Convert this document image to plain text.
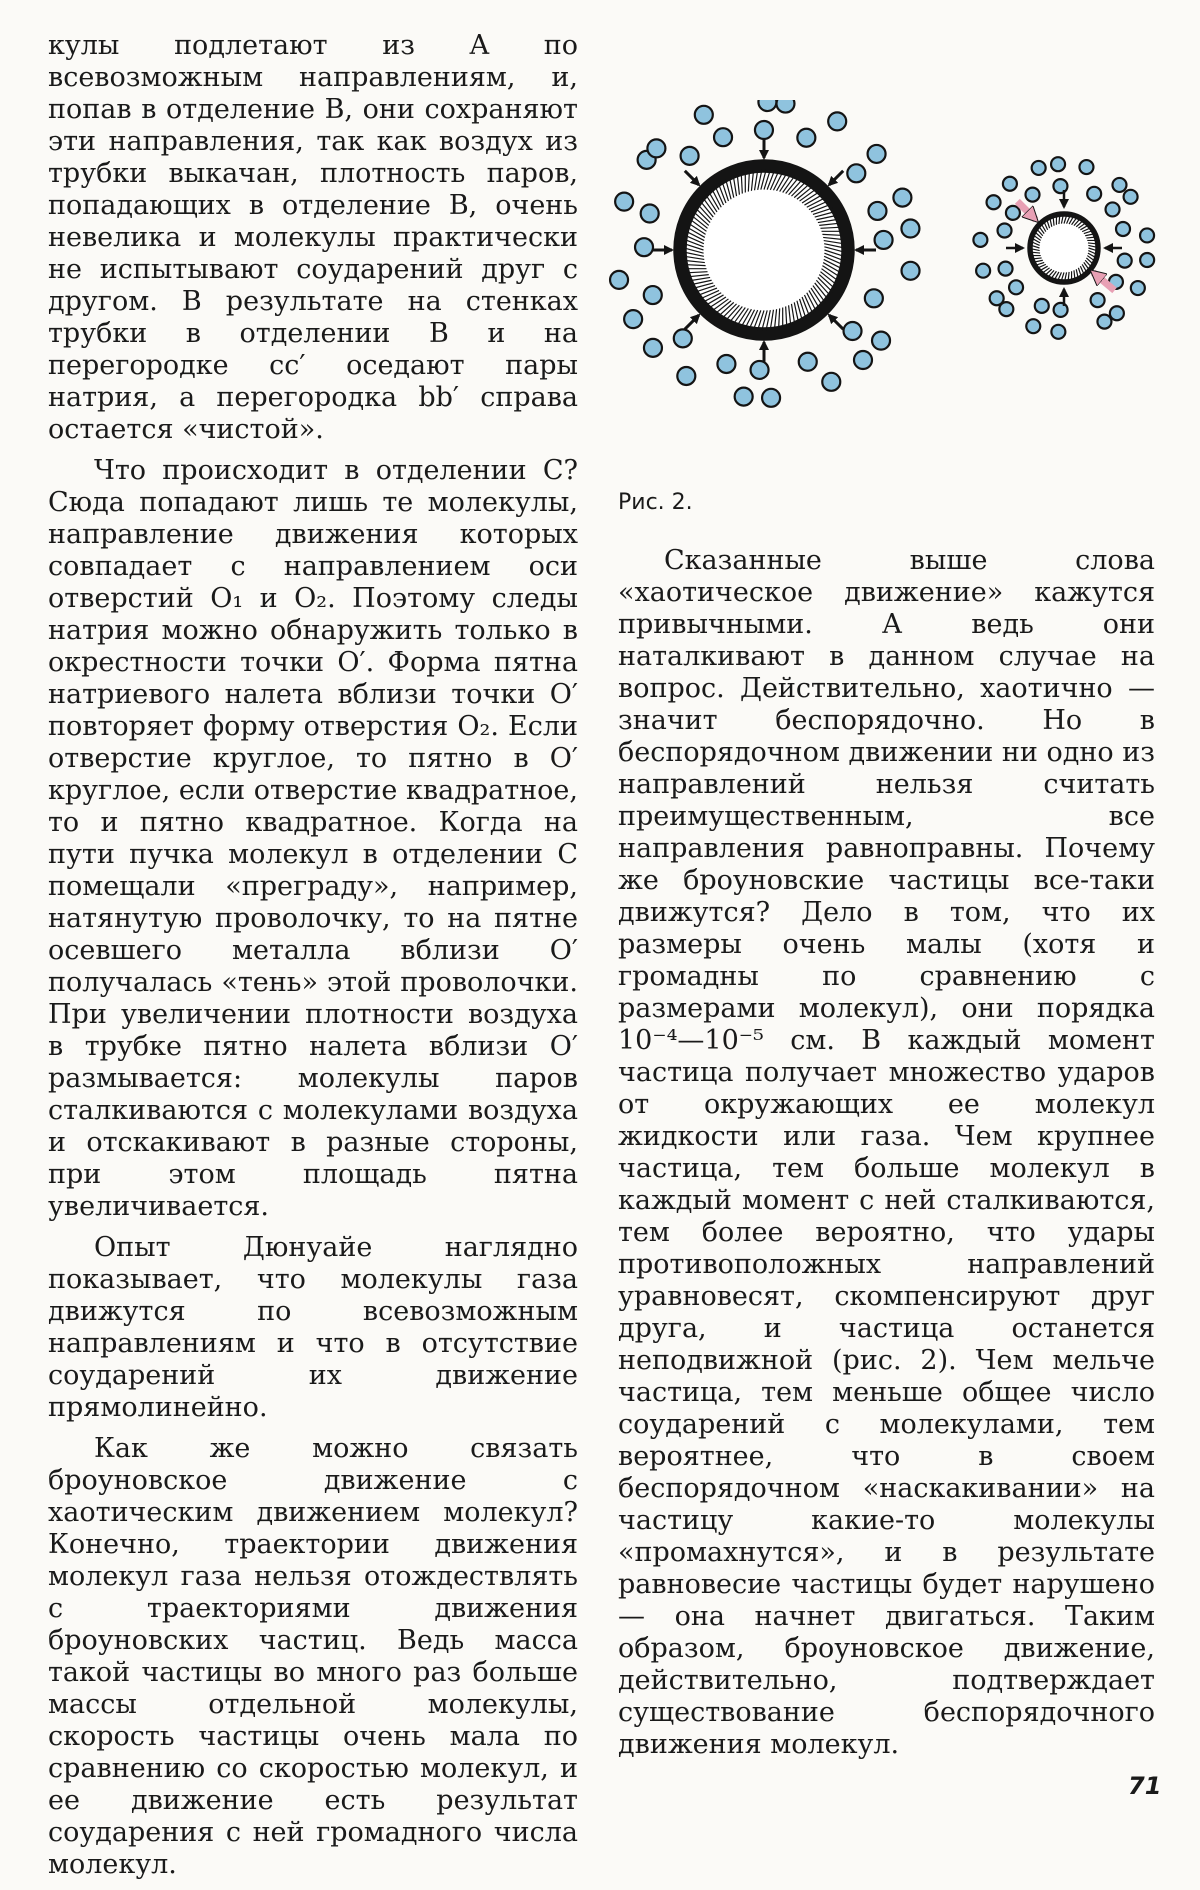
кулы подлетают из A по всевозможным направлениям, и, попав в отделение B, они сохраняют эти направления, так как воздух из трубки выкачан, плотность паров, попадающих в отделение B, очень невелика и молекулы практически не испытывают соударений друг с другом. В результате на стенках трубки в отделении B и на перегородке cc′ оседают пары натрия, а перегородка bb′ справа остается «чистой».

Что происходит в отделении C? Сюда попадают лишь те молекулы, направление движения которых совпадает с направлением оси отверстий O₁ и O₂. Поэтому следы натрия можно обнаружить только в окрестности точки O′. Форма пятна натриевого налета вблизи точки O′ повторяет форму отверстия O₂. Если отверстие круглое, то пятно в O′ круглое, если отверстие квадратное, то и пятно квадратное. Когда на пути пучка молекул в отделении C помещали «преграду», например, натянутую проволочку, то на пятне осевшего металла вблизи O′ получалась «тень» этой проволочки. При увеличении плотности воздуха в трубке пятно налета вблизи O′ размывается: молекулы паров сталкиваются с молекулами воздуха и отскакивают в разные стороны, при этом площадь пятна увеличивается.

Опыт Дюнуайе наглядно показывает, что молекулы газа движутся по всевозможным направлениям и что в отсутствие соударений их движение прямолинейно.

Как же можно связать броуновское движение с хаотическим движением молекул? Конечно, траектории движения молекул газа нельзя отождествлять с траекториями движения броуновских частиц. Ведь масса такой частицы во много раз больше массы отдельной молекулы, скорость частицы очень мала по сравнению со скоростью молекул, и ее движение есть результат соударения с ней громадного числа молекул.

Рис. 2.

Сказанные выше слова «хаотическое движение» кажутся привычными. А ведь они наталкивают в данном случае на вопрос. Действительно, хаотично — значит беспорядочно. Но в беспорядочном движении ни одно из направлений нельзя считать преимущественным, все направления равноправны. Почему же броуновские частицы все-таки движутся? Дело в том, что их размеры очень малы (хотя и громадны по сравнению с размерами молекул), они порядка 10⁻⁴—10⁻⁵ см. В каждый момент частица получает множество ударов от окружающих ее молекул жидкости или газа. Чем крупнее частица, тем больше молекул в каждый момент с ней сталкиваются, тем более вероятно, что удары противоположных направлений уравновесят, скомпенсируют друг друга, и частица останется неподвижной (рис. 2). Чем мельче частица, тем меньше общее число соударений с молекулами, тем вероятнее, что в своем беспорядочном «наскакивании» на частицу какие-то молекулы «промахнутся», и в результате равновесие частицы будет нарушено — она начнет двигаться. Таким образом, броуновское движение, действительно, подтверждает существование беспорядочного движения молекул.

71
